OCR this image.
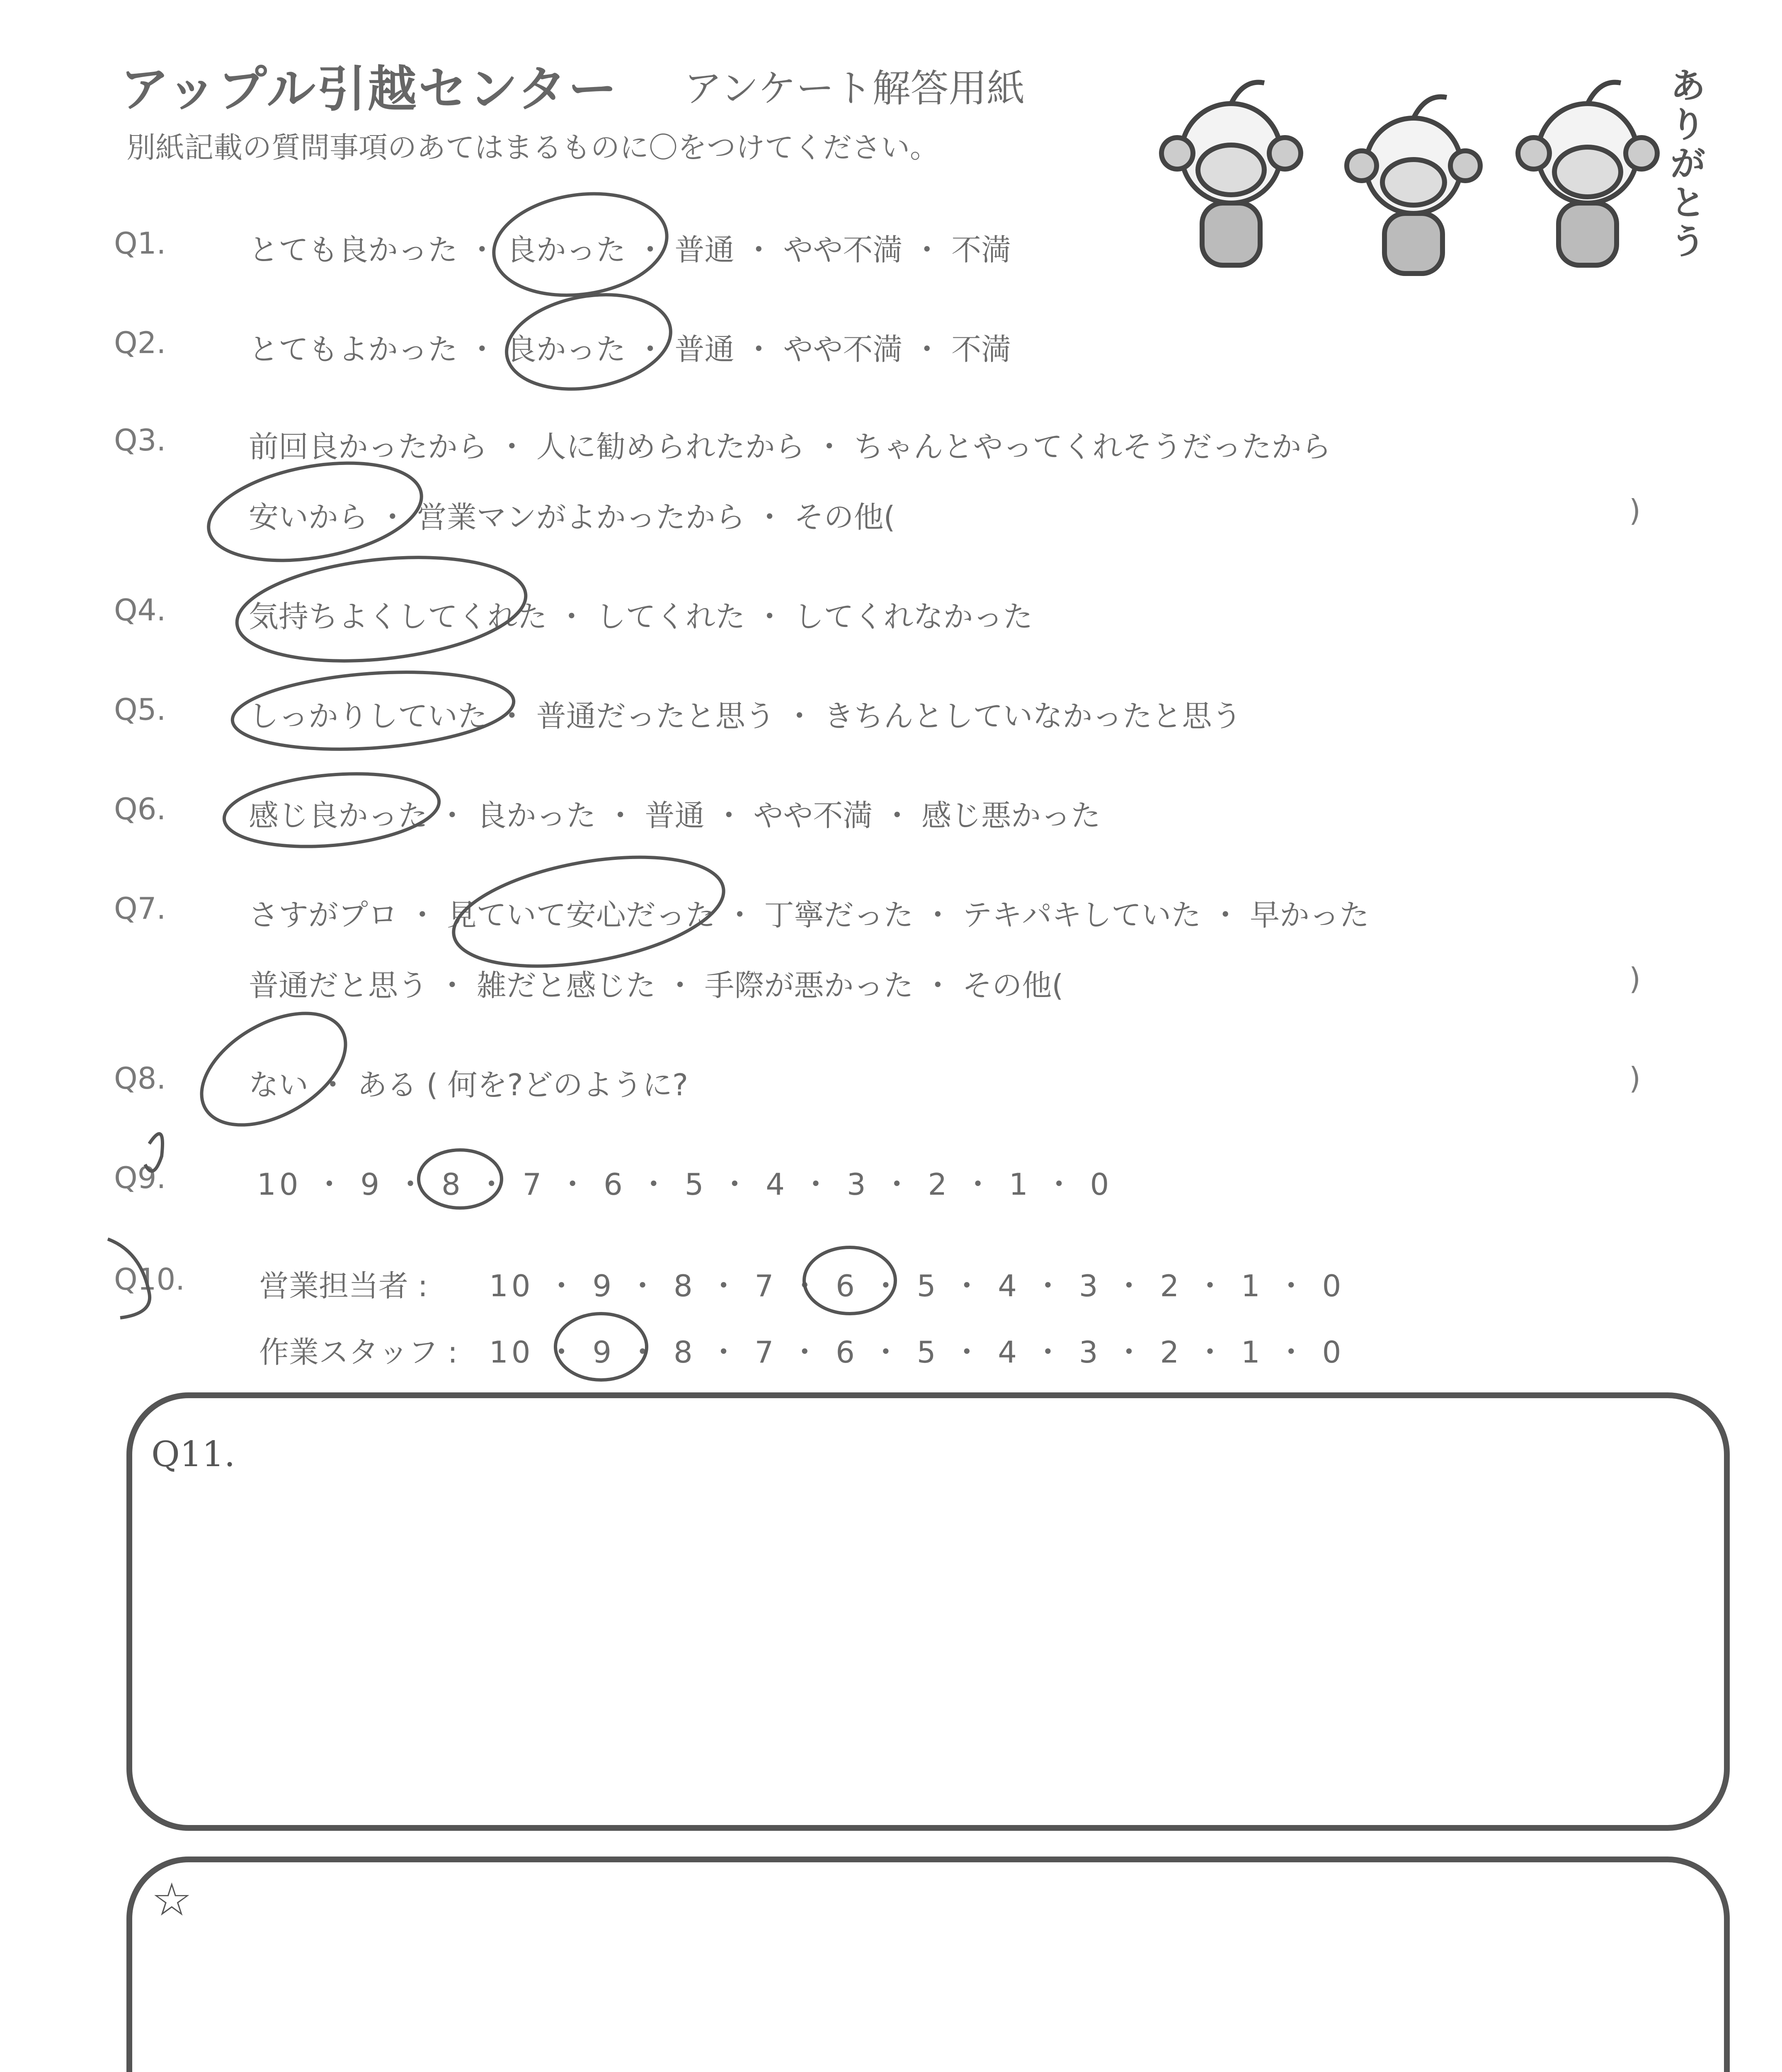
アップル引越センター アンケート解答用紙
別紙記載の質問事項のあてはまるものに〇をつけてください。
ありがとう
Q1.	とても良かった ・ 良かった ・ 普通 ・ やや不満 ・ 不満
Q2.	とてもよかった ・ 良かった ・ 普通 ・ やや不満 ・ 不満
Q3.	前回良かったから ・ 人に勧められたから ・ ちゃんとやってくれそうだったから
安いから ・ 営業マンがよかったから ・ その他(	)
Q4.	気持ちよくしてくれた ・ してくれた ・ してくれなかった
Q5.	しっかりしていた ・ 普通だったと思う ・ きちんとしていなかったと思う
Q6.	感じ良かった ・ 良かった ・ 普通 ・ やや不満 ・ 感じ悪かった
Q7.	さすがプロ ・ 見ていて安心だった ・ 丁寧だった ・ テキパキしていた ・ 早かった
普通だと思う ・ 雑だと感じた ・ 手際が悪かった ・ その他(	)
Q8.	ない ・ ある ( 何を?どのように?	)
Q9.	10 ・ 9 ・ 8 ・ 7 ・ 6 ・ 5 ・ 4 ・ 3 ・ 2 ・ 1 ・ 0
Q10. 営業担当者 : 10 ・ 9 ・ 8 ・ 7 ・ 6 ・ 5 ・ 4 ・ 3 ・ 2 ・ 1 ・ 0
作業スタッフ : 10 ・ 9 ・ 8 ・ 7 ・ 6 ・ 5 ・ 4 ・ 3 ・ 2 ・ 1 ・ 0
Q11.
☆
